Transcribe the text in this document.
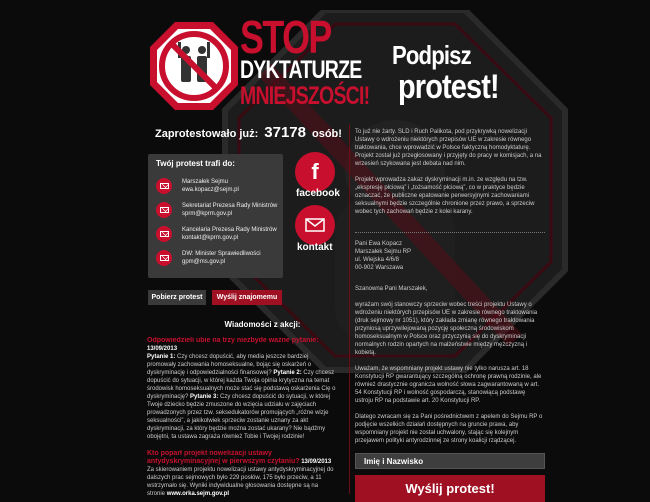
STOP
DYKTATURZE
MNIEJSZOŚCI!
Podpisz
protest!
Zaprotestowało już: 37178 osób!
Twój protest trafi do:
Marszałek Sejmu
ewa.kopacz@sejm.pl
Sekretariat Prezesa Rady Ministrów
sprm@kprm.gov.pl
Kancelaria Prezesa Rady Ministrów
kontakt@kprm.gov.pl
DW: Minister Sprawiedliwości
gpm@ms.gov.pl
Pobierz protest	Wyślij znajomemu
f
facebook
kontakt
Wiadomości z akcji:
Odpowiedzieli ubie na trzy niezbyde ważne pytanie: 13/09/2013
Pytanie 1: Czy chcesz dopuścić, aby media jeszcze bardziej promowały zachowania homoseksualne, bojąc się oskarżeń o dyskryminację i odpowiedzialności finansowej? Pytanie 2: Czy chcesz dopuścić do sytuacji, w której każda Twoja opinia krytyczna na temat środowisk homoseksualnych może stać się podstawą oskarżenia Cię o dyskryminację? Pytanie 3: Czy chcesz dopuścić do sytuacji, w której Twoje dziecko będzie zmuszone do wzięcia udziału w zajęciach prowadzonych przez tzw. seksedukatorów promujących „różne wizje seksualności”, a jakikolwiek sprzeciw zostanie uznany za akt dyskryminacji, za który będzie można zostać ukarany? Nie bądźmy obojętni, ta ustawa zagraża również Tobie i Twojej rodzinie!
Kto poparł projekt nowelizacji ustawy antydyskryminacyjnej w pierwszym czytaniu? 13/09/2013
Za skierowaniem projektu nowelizacji ustawy antydyskryminacyjnej do dalszych prac sejmowych było 229 posłów, 175 było przeciw, a 11 wstrzymało się. Wyniki indywidualne głosowania dostępne są na stronie www.orka.sejm.gov.pl
To już nie żarty. SLD i Ruch Palikota, pod przykrywką nowelizacji Ustawy o wdrożeniu niektórych przepisów UE w zakresie równego traktowania, chce wprowadzić w Polsce faktyczną homodyktaturę. Projekt został już przegłosowany i przyjęty do pracy w komisjach, a na wrzesień szykowana jest debata nad nim.
Projekt wprowadza zakaz dyskryminacji m.in. ze względu na tzw. „ekspresję płciową” i „tożsamość płciową”, co w praktyce będzie oznaczać, że publiczne epatowanie perwersyjnymi zachowaniami seksualnymi będzie szczególnie chronione przez prawo, a sprzeciw wobec tych zachowań będzie z kolei karany.
Pani Ewa Kopacz
Marszałek Sejmu RP
ul. Wiejska 4/6/8
00-902 Warszawa
Szanowna Pani Marszałek,
wyrażam swój stanowczy sprzeciw wobec treści projektu Ustawy o wdrożeniu niektórych przepisów UE w zakresie równego traktowania (druk sejmowy nr 1051), który zakłada zmianę równego traktowania przyniosą uprzywilejowaną pozycję społeczną środowiskom homoseksualnym w Polsce oraz przyczynią się do dyskryminacji normalnych rodzin opartych na małżeństwie między mężczyzną i kobietą.
Uważam, że wspomniany projekt ustawy nie tylko narusza art. 18 Konstytucji RP gwarantujący szczególną ochronę prawną rodzinie, ale również drastycznie ogranicza wolność słowa zagwarantowaną w art. 54 Konstytucji RP i wolność gospodarczą, stanowiącą podstawę ustroju RP na podstawie art. 20 Konstytucji RP.
Dlatego zwracam się za Pani pośrednictwem z apelem do Sejmu RP o podjęcie wszelkich działań dostępnych na gruncie prawa, aby wspomniany projekt nie został uchwalony, stając się kolejnym przejawem polityki antyrodzinnej ze strony koalicji rządzącej.
Imię i Nazwisko
Wyślij protest!
